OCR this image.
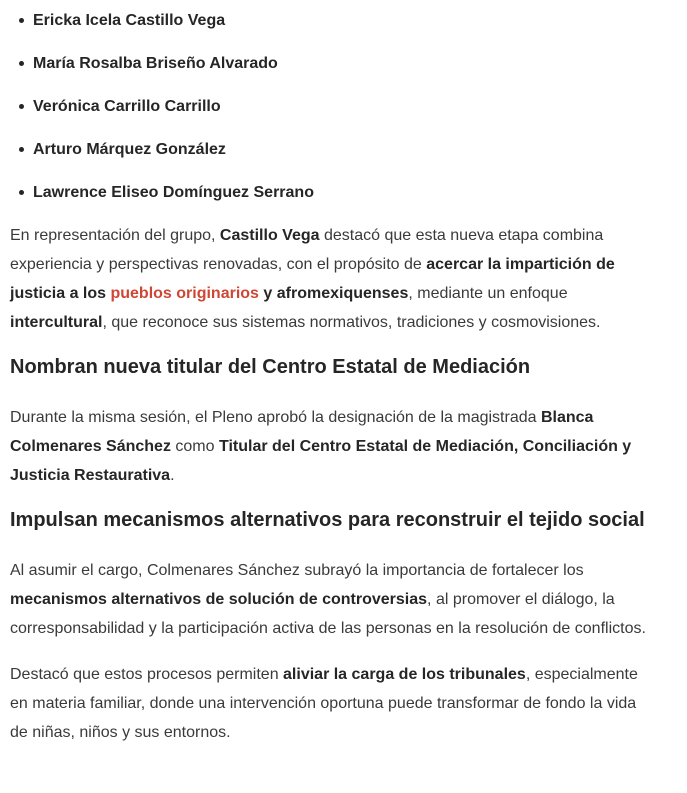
Ericka Icela Castillo Vega
María Rosalba Briseño Alvarado
Verónica Carrillo Carrillo
Arturo Márquez González
Lawrence Eliseo Domínguez Serrano

En representación del grupo, Castillo Vega destacó que esta nueva etapa combina experiencia y perspectivas renovadas, con el propósito de acercar la impartición de justicia a los pueblos originarios y afromexiquenses, mediante un enfoque intercultural, que reconoce sus sistemas normativos, tradiciones y cosmovisiones.

Nombran nueva titular del Centro Estatal de Mediación

Durante la misma sesión, el Pleno aprobó la designación de la magistrada Blanca Colmenares Sánchez como Titular del Centro Estatal de Mediación, Conciliación y Justicia Restaurativa.

Impulsan mecanismos alternativos para reconstruir el tejido social

Al asumir el cargo, Colmenares Sánchez subrayó la importancia de fortalecer los mecanismos alternativos de solución de controversias, al promover el diálogo, la corresponsabilidad y la participación activa de las personas en la resolución de conflictos.

Destacó que estos procesos permiten aliviar la carga de los tribunales, especialmente en materia familiar, donde una intervención oportuna puede transformar de fondo la vida de niñas, niños y sus entornos.
